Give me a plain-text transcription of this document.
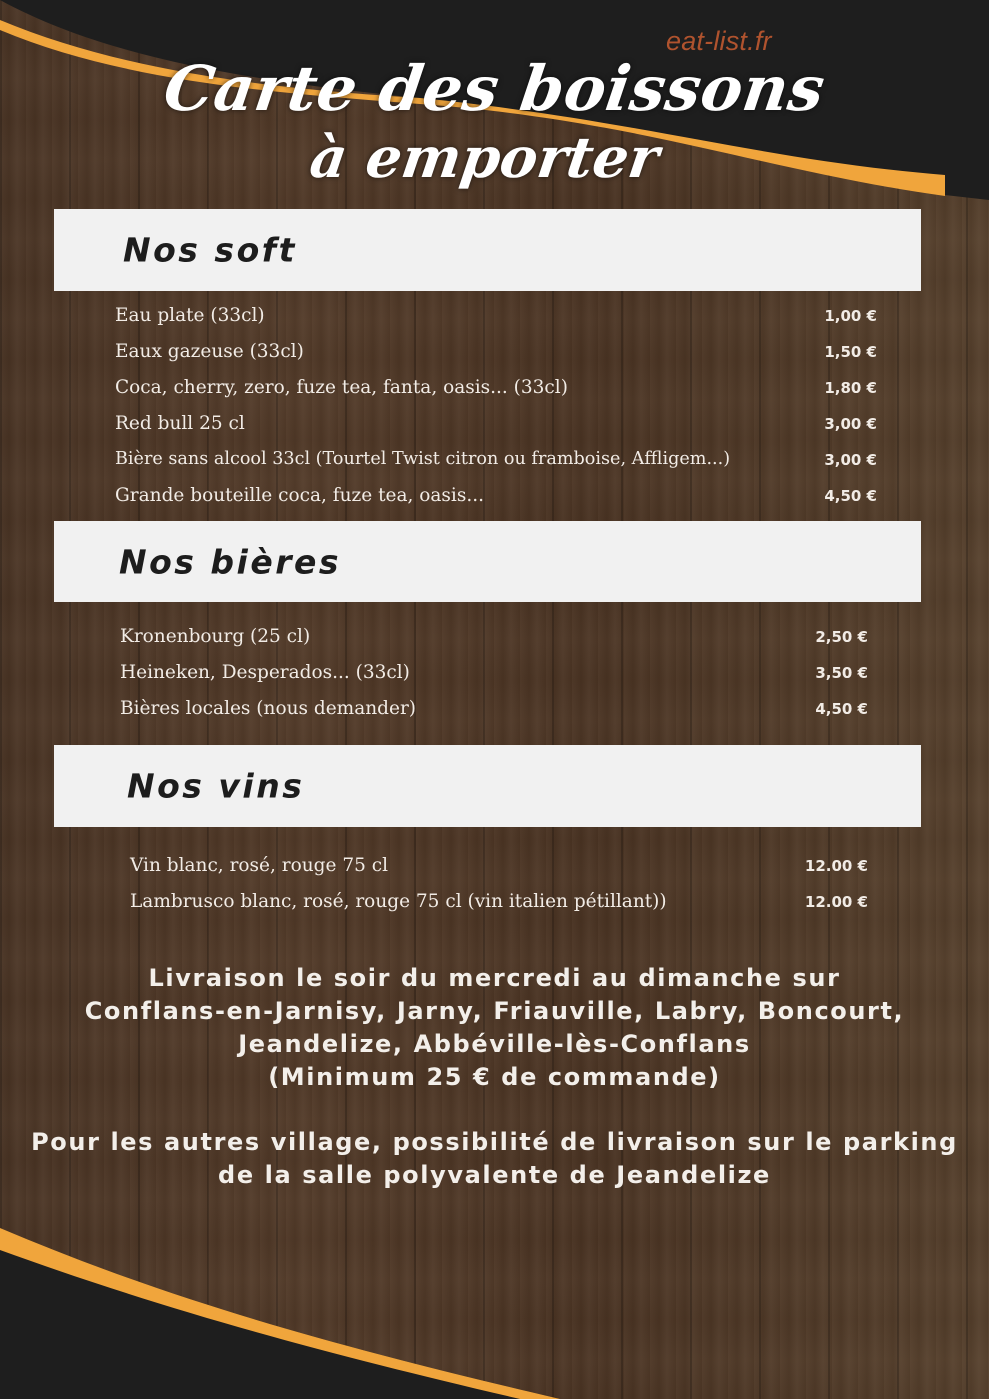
eat-list.fr
Carte des boissons
à emporter
Nos soft
Eau plate (33cl)	1,00 €
Eaux gazeuse (33cl)	1,50 €
Coca, cherry, zero, fuze tea, fanta, oasis... (33cl)	1,80 €
Red bull 25 cl	3,00 €
Bière sans alcool 33cl (Tourtel Twist citron ou framboise, Affligem...)	3,00 €
Grande bouteille coca, fuze tea, oasis...	4,50 €
Nos bières
Kronenbourg (25 cl)	2,50 €
Heineken, Desperados... (33cl)	3,50 €
Bières locales (nous demander)	4,50 €
Nos vins
Vin blanc, rosé, rouge 75 cl	12.00 €
Lambrusco blanc, rosé, rouge 75 cl (vin italien pétillant))	12.00 €
Livraison le soir du mercredi au dimanche sur
Conflans-en-Jarnisy, Jarny, Friauville, Labry, Boncourt,
Jeandelize, Abbéville-lès-Conflans
(Minimum 25 € de commande)
Pour les autres village, possibilité de livraison sur le parking
de la salle polyvalente de Jeandelize
